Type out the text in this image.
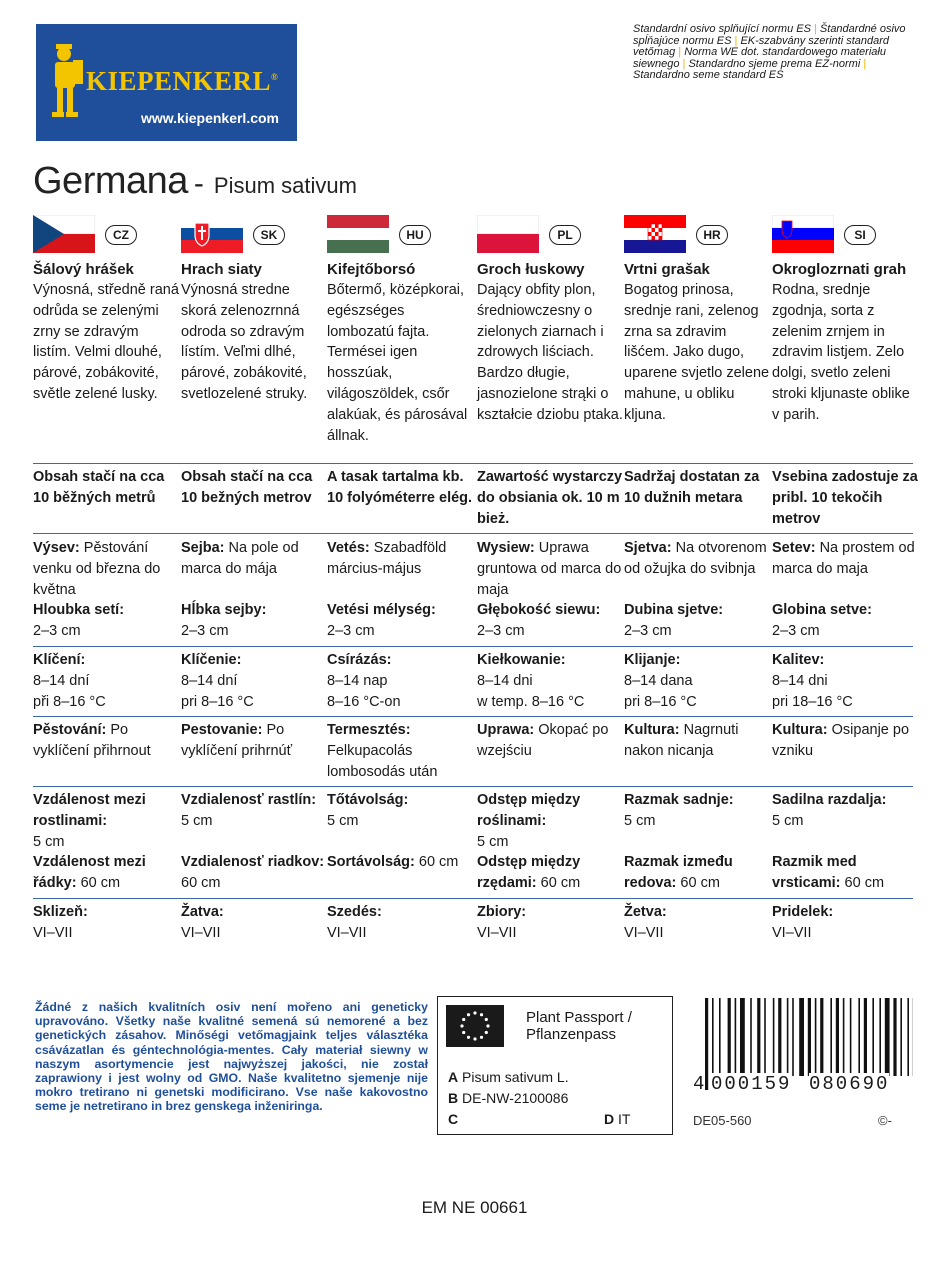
KIEPENKERL®
www.kiepenkerl.com
Standardní osivo splňující normu ES | Štandardné osivo spĺňajúce normu ES | EK-szabvány szerinti standard vetőmag | Norma WE dot. standardowego materiału siewnego | Standardno sjeme prema EZ-normi | Standardno seme standard ES
Germana - Pisum sativum
CZ
Šálový hrášek
Výnosná, středně raná odrůda se zelenými zrny se zdravým listím. Velmi dlouhé, párové, zobákovité, světle zelené lusky.
Obsah stačí na cca 10 běžných metrů
Výsev: Pěstování venku od března do května
Hloubka setí:
2–3 cm
Klíčení:
8–14 dní
při 8–16 °C
Pěstování: Po vyklíčení přihrnout
Vzdálenost mezi rostlinami:
5 cm
Vzdálenost mezi řádky: 60 cm
Sklizeň:
VI–VII
SK
Hrach siaty
Výnosná stredne skorá zelenozrnná odroda so zdravým lístím. Veľmi dlhé, párové, zobákovité, svetlozelené struky.
Obsah stačí na cca 10 bežných metrov
Sejba: Na pole od marca do mája
Hĺbka sejby:
2–3 cm
Klíčenie:
8–14 dní
pri 8–16 °C
Pestovanie: Po vyklíčení prihrnúť
Vzdialenosť rastlín:
5 cm
Vzdialenosť riadkov: 60 cm
Žatva:
VI–VII
HU
Kifejtőborsó
Bőtermő, középkorai, egészséges lombozatú fajta. Termései igen hosszúak, világoszöldek, csőr alakúak, és párosával állnak.
A tasak tartalma kb. 10 folyóméterre elég.
Vetés: Szabadföld március-május
Vetési mélység:
2–3 cm
Csírázás:
8–14 nap
8–16 °C-on
Termesztés: Felkupacolás lombosodás után
Tőtávolság:
5 cm
Sortávolság: 60 cm
Szedés:
VI–VII
PL
Groch łuskowy
Dający obfity plon, średniowczesny o zielonych ziarnach i zdrowych liściach. Bardzo długie, jasnozielone strąki o kształcie dziobu ptaka.
Zawartość wystarczy do obsiania ok. 10 m bież.
Wysiew: Uprawa gruntowa od marca do maja
Głębokość siewu:
2–3 cm
Kiełkowanie:
8–14 dni
w temp. 8–16 °C
Uprawa: Okopać po wzejściu
Odstęp między roślinami:
5 cm
Odstęp między rzędami: 60 cm
Zbiory:
VI–VII
HR
Vrtni grašak
Bogatog prinosa, srednje rani, zelenog zrna sa zdravim lišćem. Jako dugo, uparene svjetlo zelene mahune, u obliku kljuna.
Sadržaj dostatan za 10 dužnih metara
Sjetva: Na otvorenom od ožujka do svibnja
Dubina sjetve:
2–3 cm
Klijanje:
8–14 dana
pri 8–16 °C
Kultura: Nagrnuti nakon nicanja
Razmak sadnje:
5 cm
Razmak između redova: 60 cm
Žetva:
VI–VII
SI
Okroglozrnati grah
Rodna, srednje zgodnja, sorta z zelenim zrnjem in zdravim listjem. Zelo dolgi, svetlo zeleni stroki kljunaste oblike v parih.
Vsebina zadostuje za pribl. 10 tekočih metrov
Setev: Na prostem od marca do maja
Globina setve:
2–3 cm
Kalitev:
8–14 dni
pri 18–16 °C
Kultura: Osipanje po vzniku
Sadilna razdalja:
5 cm
Razmik med vrsticami: 60 cm
Pridelek:
VI–VII
Žádné z našich kvalitních osiv není mořeno ani geneticky upravováno. Všetky naše kvalitné semená sú nemorené a bez genetických zásahov. Minőségi vetőmagjaink teljes választéka csávázatlan és géntechnológia-mentes. Cały materiał siewny w naszym asortymencie jest najwyższej jakości, nie został zaprawiony i jest wolny od GMO. Naše kvalitetno sjemenje nije mokro tretirano ni genetski modificirano. Vse naše kakovostno seme je netretirano in brez genskega inženiringa.
Plant Passport /
Pflanzenpass
A Pisum sativum L.
B DE-NW-2100086
C	D IT
4 000159 080690
DE05-560	©-
EM NE 00661
